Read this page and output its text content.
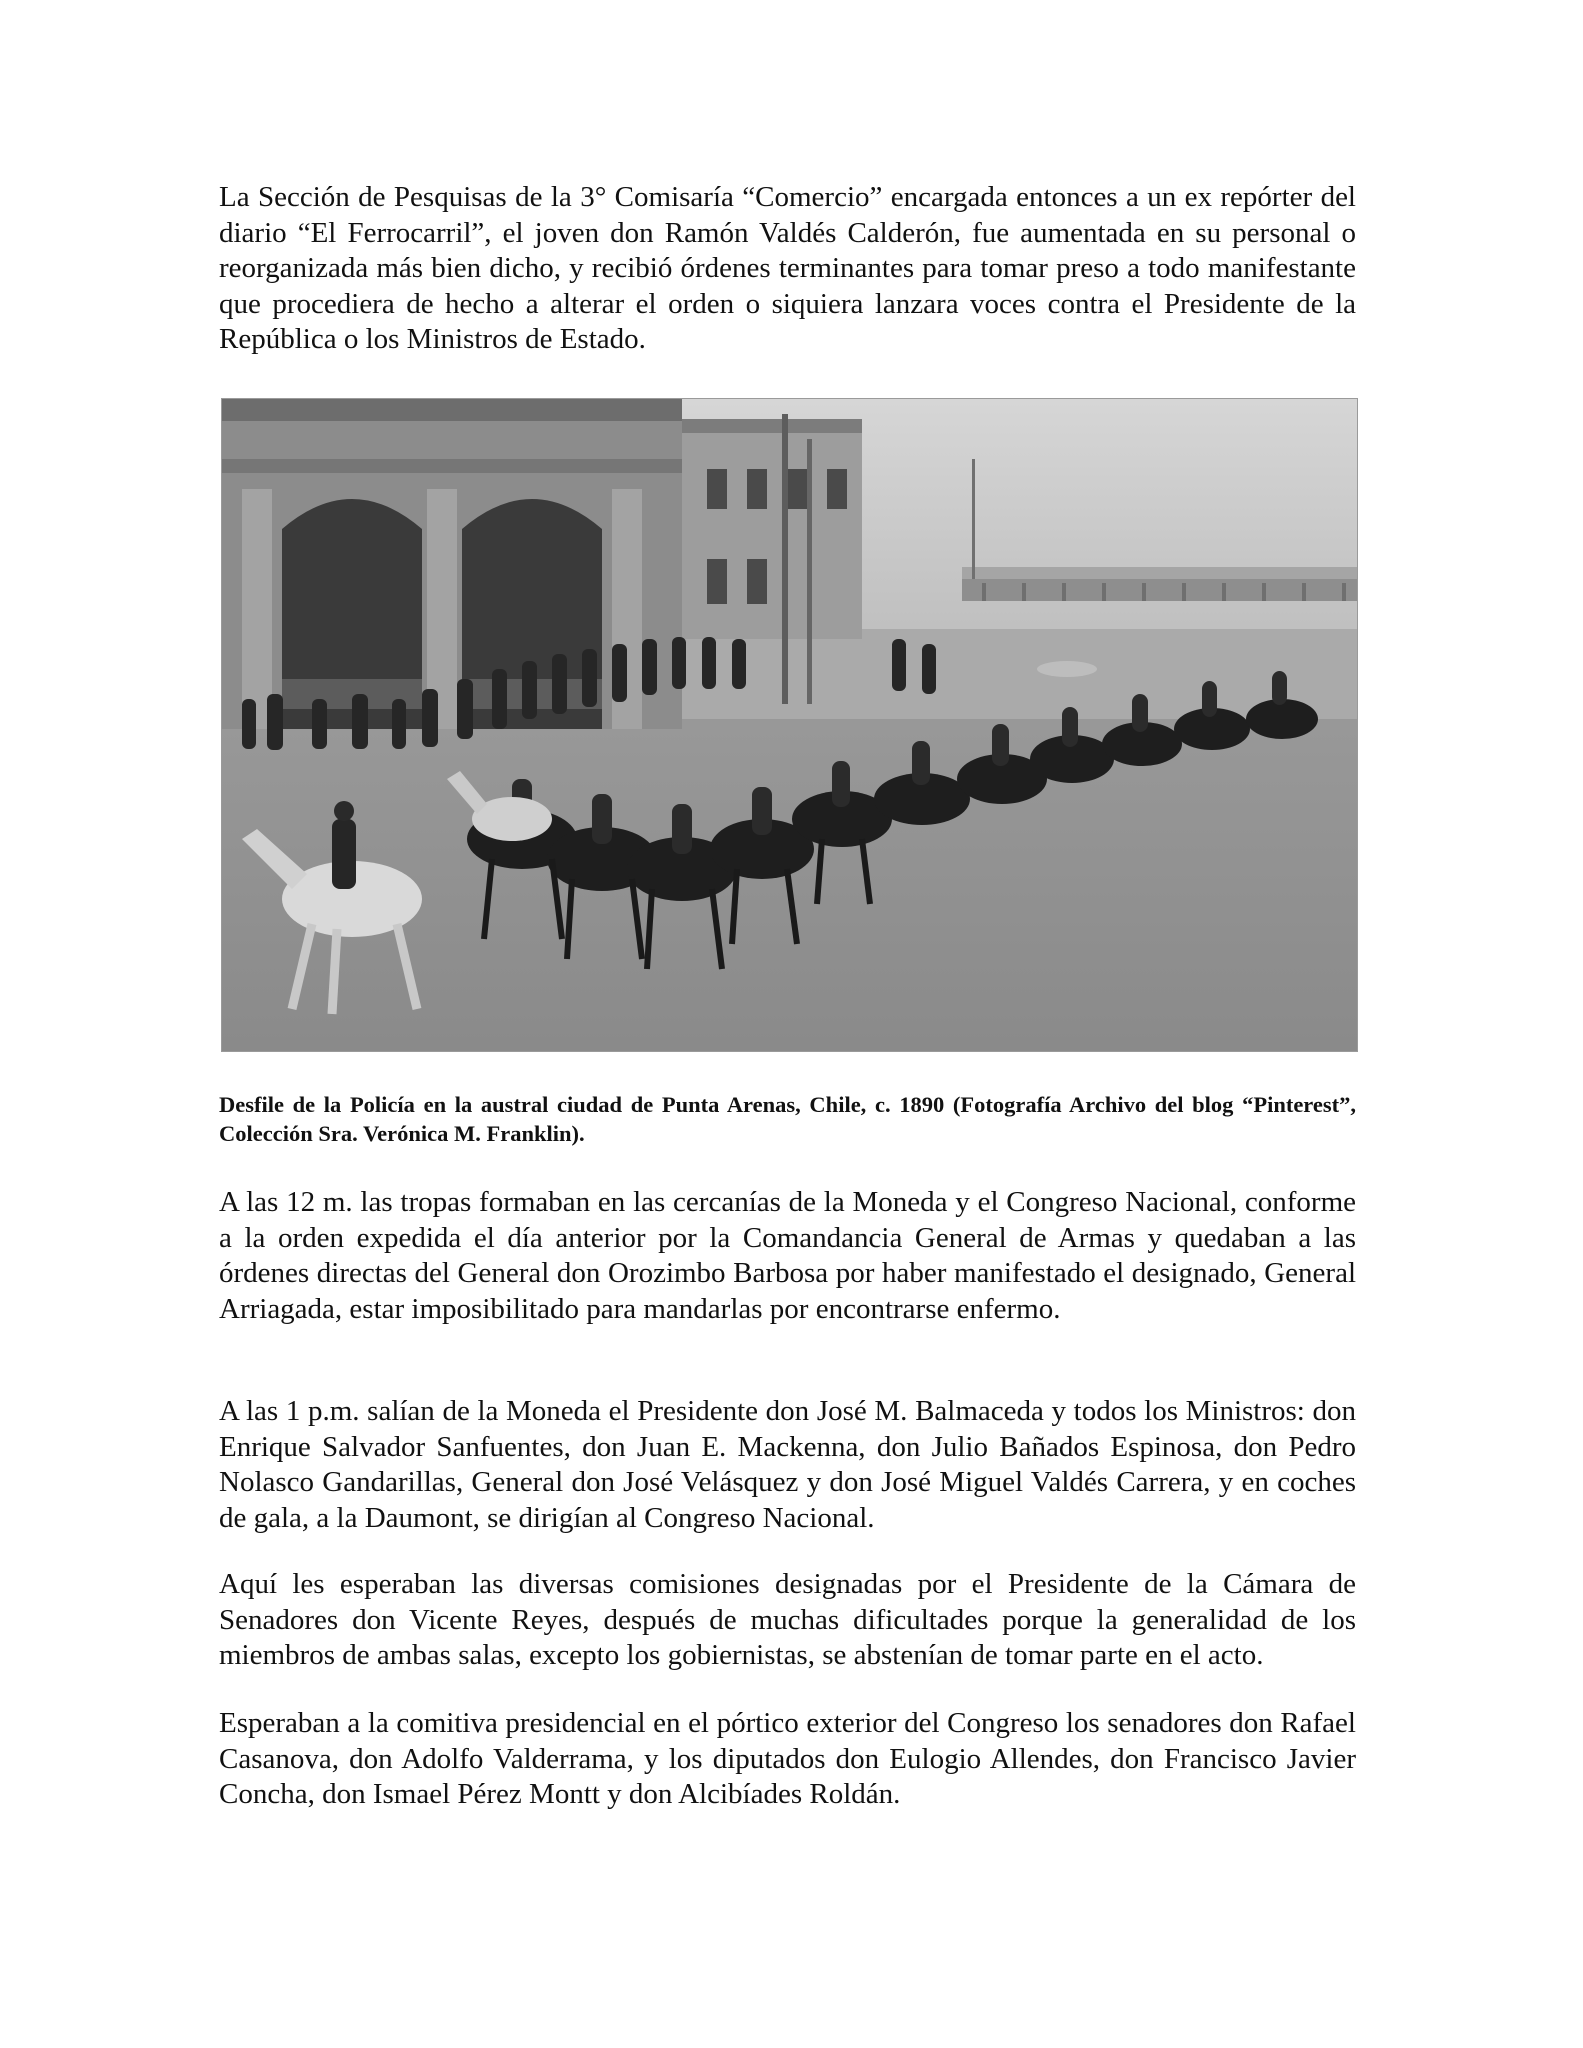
La Sección de Pesquisas de la 3° Comisaría “Comercio” encargada entonces a un ex repórter del diario “El Ferrocarril”, el joven don Ramón Valdés Calderón, fue aumentada en su personal o reorganizada más bien dicho, y recibió órdenes terminantes para tomar preso a todo manifestante que procediera de hecho a alterar el orden o siquiera lanzara voces contra el Presidente de la República o los Ministros de Estado.

Desfile de la Policía en la austral ciudad de Punta Arenas, Chile, c. 1890 (Fotografía Archivo del blog “Pinterest”, Colección Sra. Verónica M. Franklin).

A las 12 m. las tropas formaban en las cercanías de la Moneda y el Congreso Nacional, conforme a la orden expedida el día anterior por la Comandancia General de Armas y quedaban a las órdenes directas del General don Orozimbo Barbosa por haber manifestado el designado, General Arriagada, estar imposibilitado para mandarlas por encontrarse enfermo.

A las 1 p.m. salían de la Moneda el Presidente don José M. Balmaceda y todos los Ministros: don Enrique Salvador Sanfuentes, don Juan E. Mackenna, don Julio Bañados Espinosa, don Pedro Nolasco Gandarillas, General don José Velásquez y don José Miguel Valdés Carrera, y en coches de gala, a la Daumont, se dirigían al Congreso Nacional.

Aquí les esperaban las diversas comisiones designadas por el Presidente de la Cámara de Senadores don Vicente Reyes, después de muchas dificultades porque la generalidad de los miembros de ambas salas, excepto los gobiernistas, se abstenían de tomar parte en el acto.

Esperaban a la comitiva presidencial en el pórtico exterior del Congreso los senadores don Rafael Casanova, don Adolfo Valderrama, y los diputados don Eulogio Allendes, don Francisco Javier Concha, don Ismael Pérez Montt y don Alcibíades Roldán.
